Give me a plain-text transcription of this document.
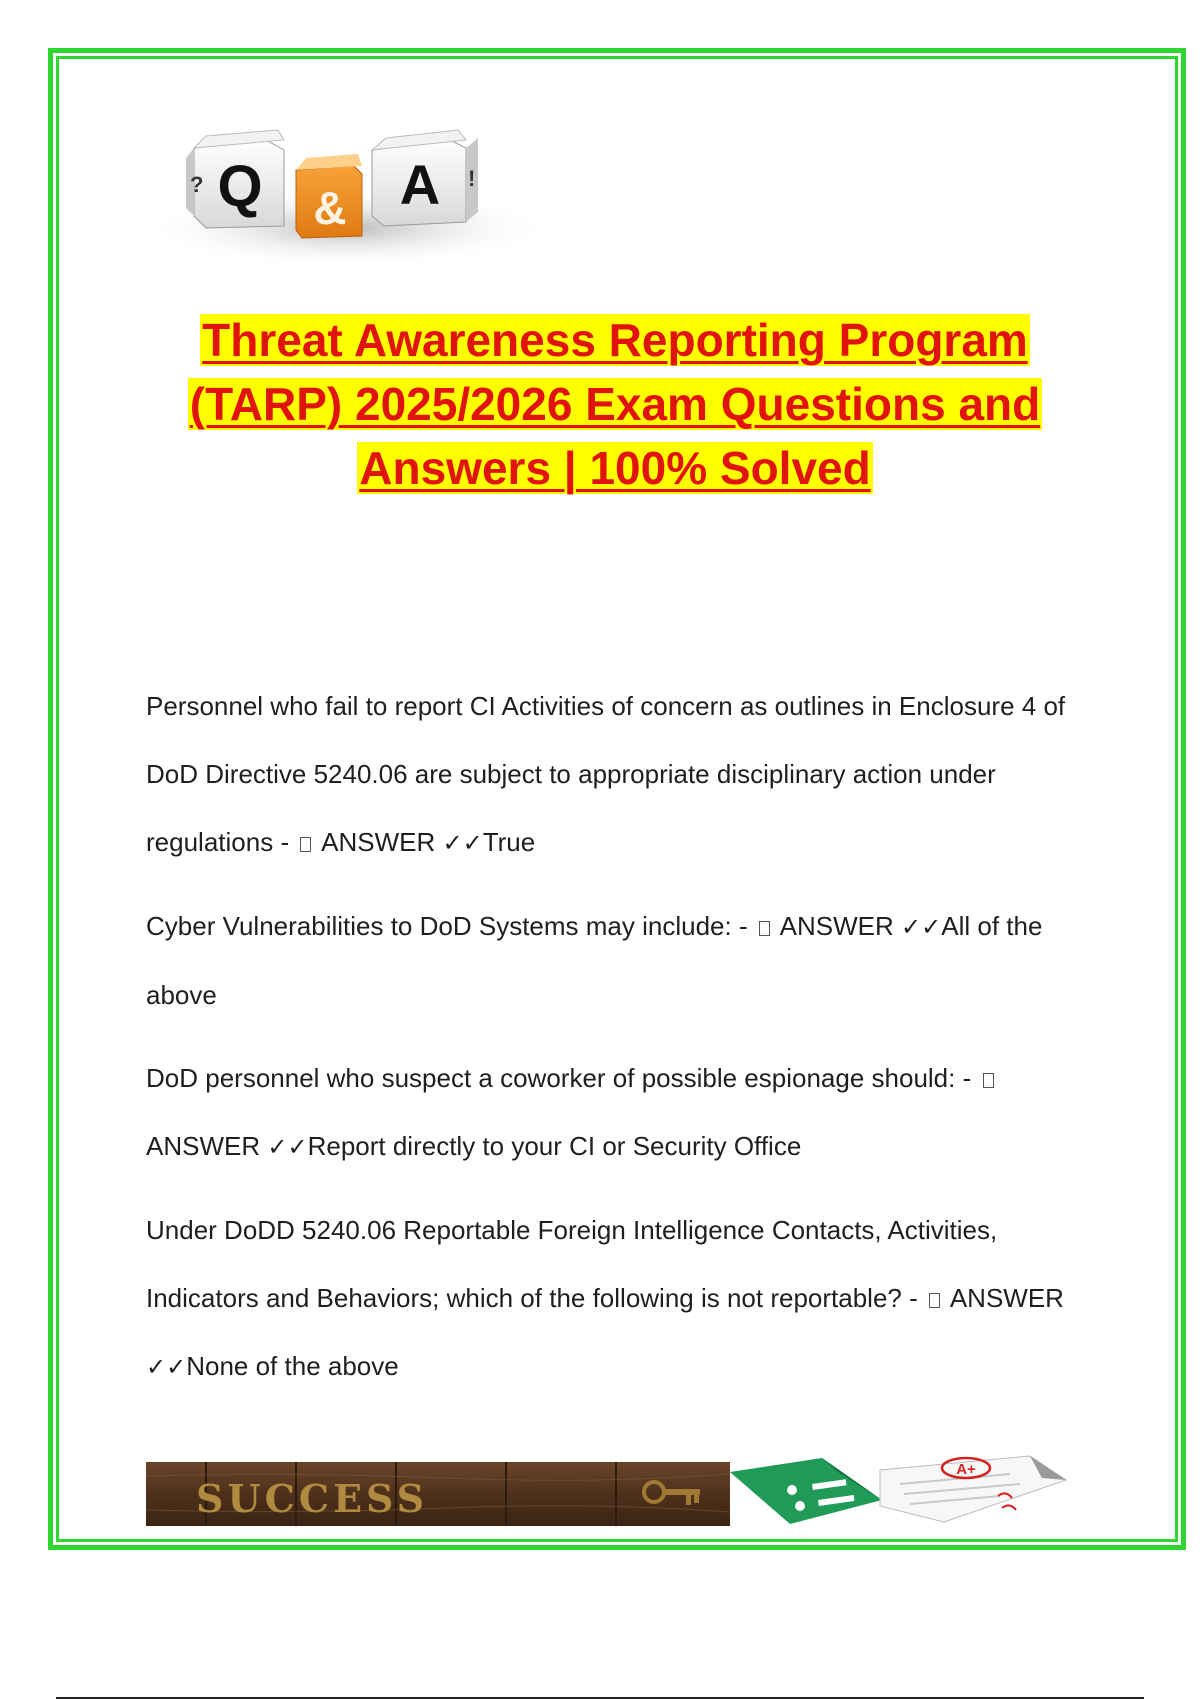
Q
? & A !
Threat Awareness Reporting Program
(TARP) 2025/2026 Exam Questions and
Answers | 100% Solved

Personnel who fail to report CI Activities of concern as outlines in Enclosure 4 of DoD Directive 5240.06 are subject to appropriate disciplinary action under regulations - ANSWER ✓✓True

Cyber Vulnerabilities to DoD Systems may include: - ANSWER ✓✓All of the above

DoD personnel who suspect a coworker of possible espionage should: -  ANSWER ✓✓Report directly to your CI or Security Office

Under DoDD 5240.06 Reportable Foreign Intelligence Contacts, Activities, Indicators and Behaviors; which of the following is not reportable? - ANSWER ✓✓None of the above

SUCCESS
A+
